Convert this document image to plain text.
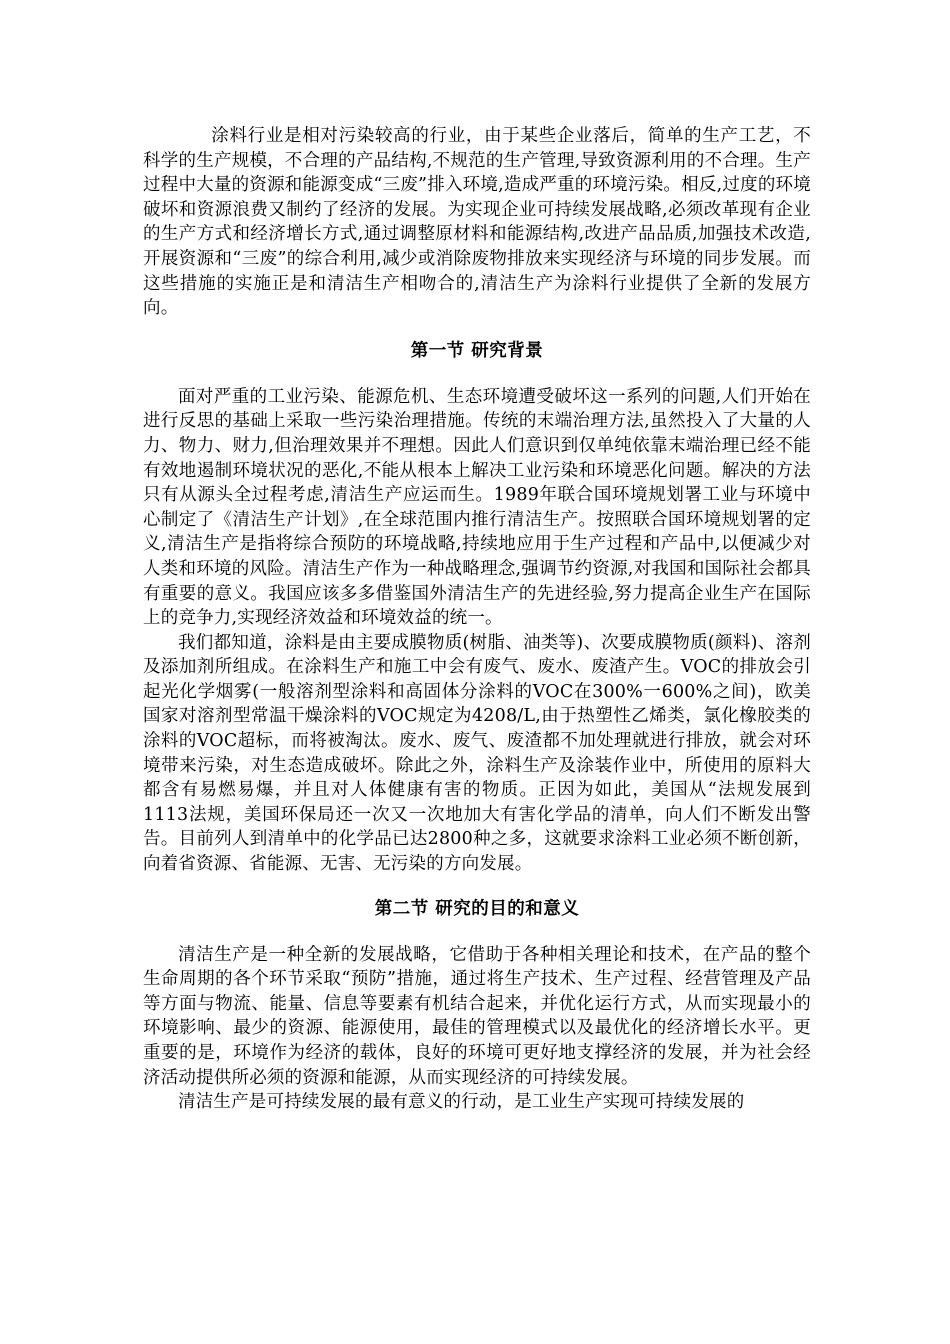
涂料行业是相对污染较高的行业，由于某些企业落后，简单的生产工艺，不科学的生产规模，不合理的产品结构,不规范的生产管理,导致资源利用的不合理。生产过程中大量的资源和能源变成“三废”排入环境,造成严重的环境污染。相反,过度的环境破坏和资源浪费又制约了经济的发展。为实现企业可持续发展战略,必须改革现有企业的生产方式和经济增长方式,通过调整原材料和能源结构,改进产品品质,加强技术改造,开展资源和“三废”的综合利用,减少或消除废物排放来实现经济与环境的同步发展。而这些措施的实施正是和清洁生产相吻合的,清洁生产为涂料行业提供了全新的发展方向。

第一节 研究背景

面对严重的工业污染、能源危机、生态环境遭受破坏这一系列的问题,人们开始在进行反思的基础上采取一些污染治理措施。传统的末端治理方法,虽然投入了大量的人力、物力、财力,但治理效果并不理想。因此人们意识到仅单纯依靠末端治理已经不能有效地遏制环境状况的恶化,不能从根本上解决工业污染和环境恶化问题。解决的方法只有从源头全过程考虑,清洁生产应运而生。1989年联合国环境规划署工业与环境中心制定了《清洁生产计划》,在全球范围内推行清洁生产。按照联合国环境规划署的定义,清洁生产是指将综合预防的环境战略,持续地应用于生产过程和产品中,以便减少对人类和环境的风险。清洁生产作为一种战略理念,强调节约资源,对我国和国际社会都具有重要的意义。我国应该多多借鉴国外清洁生产的先进经验,努力提高企业生产在国际上的竞争力,实现经济效益和环境效益的统一。

我们都知道，涂料是由主要成膜物质(树脂、油类等)、次要成膜物质(颜料)、溶剂及添加剂所组成。在涂料生产和施工中会有废气、废水、废渣产生。VOC的排放会引起光化学烟雾(一般溶剂型涂料和高固体分涂料的VOC在300%一600%之间)，欧美国家对溶剂型常温干燥涂料的VOC规定为4208/L,由于热塑性乙烯类，氯化橡胶类的涂料的VOC超标，而将被淘汰。废水、废气、废渣都不加处理就进行排放，就会对环境带来污染，对生态造成破坏。除此之外，涂料生产及涂装作业中，所使用的原料大都含有易燃易爆，并且对人体健康有害的物质。正因为如此，美国从“法规发展到1113法规，美国环保局还一次又一次地加大有害化学品的清单，向人们不断发出警告。目前列人到清单中的化学品已达2800种之多，这就要求涂料工业必须不断创新，向着省资源、省能源、无害、无污染的方向发展。

第二节 研究的目的和意义

清洁生产是一种全新的发展战略，它借助于各种相关理论和技术，在产品的整个生命周期的各个环节采取“预防”措施，通过将生产技术、生产过程、经营管理及产品等方面与物流、能量、信息等要素有机结合起来，并优化运行方式，从而实现最小的环境影响、最少的资源、能源使用，最佳的管理模式以及最优化的经济增长水平。更重要的是，环境作为经济的载体，良好的环境可更好地支撑经济的发展，并为社会经济活动提供所必须的资源和能源，从而实现经济的可持续发展。

清洁生产是可持续发展的最有意义的行动，是工业生产实现可持续发展的
